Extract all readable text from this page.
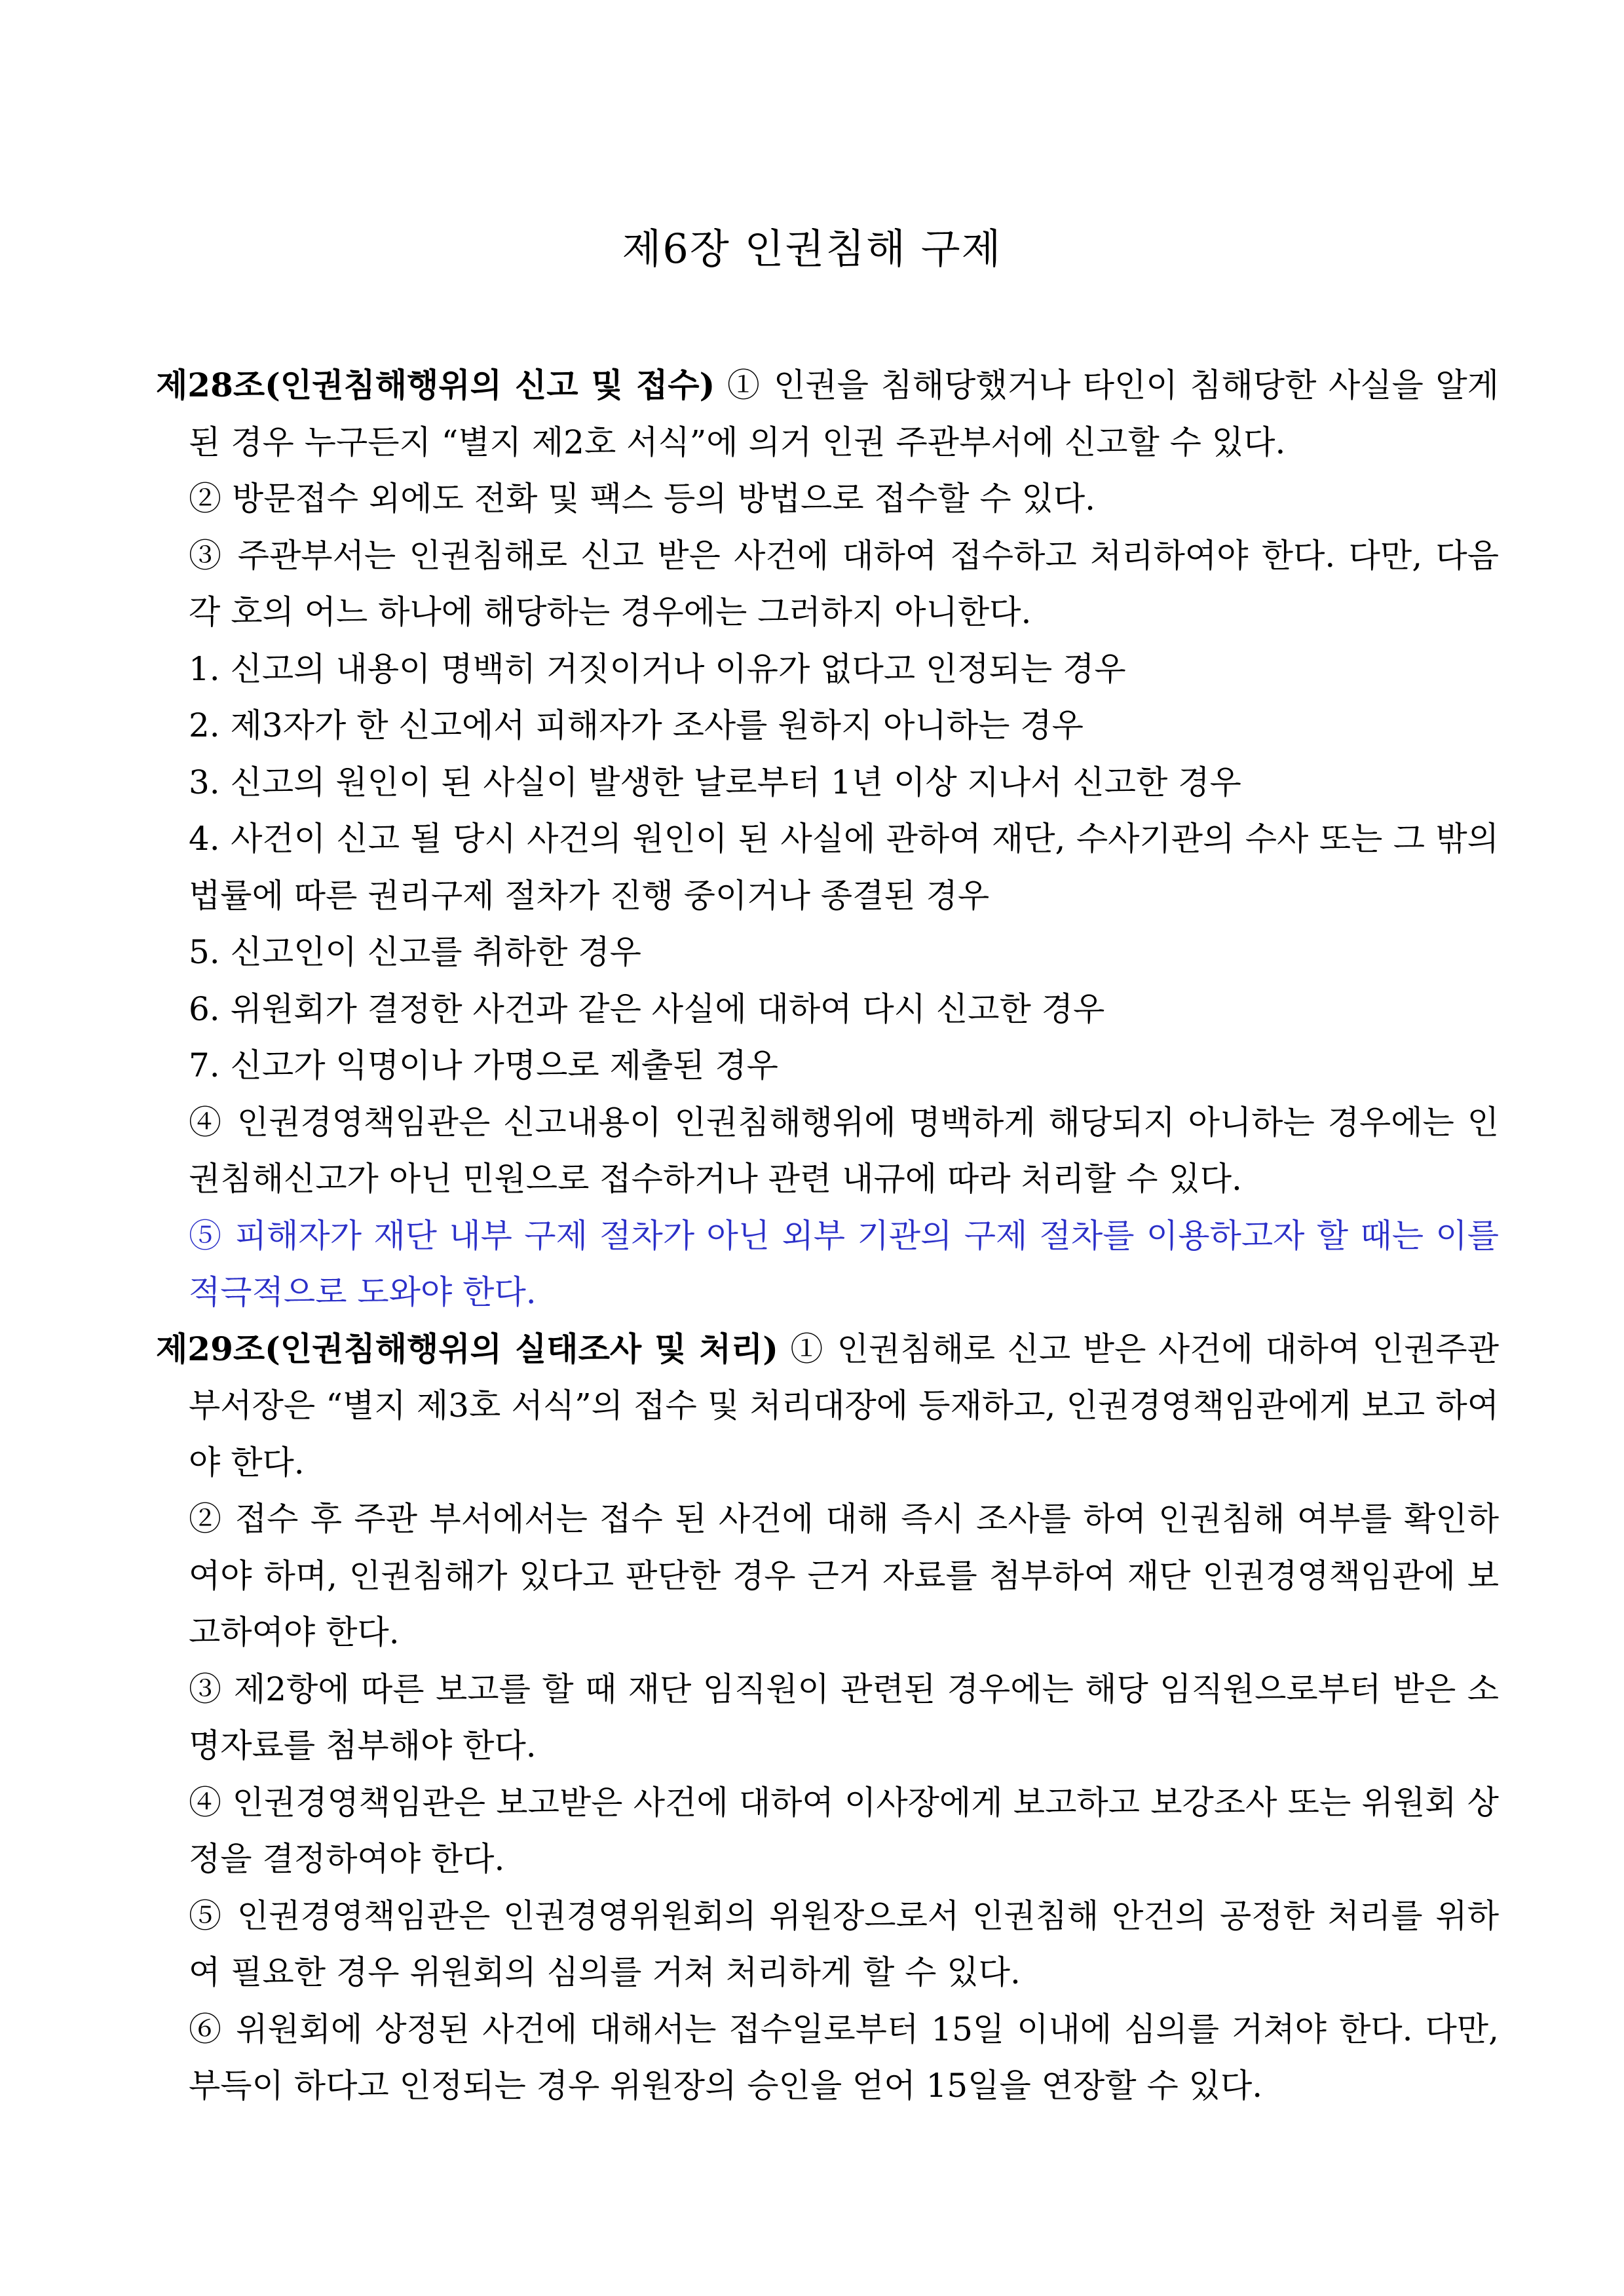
제6장 인권침해 구제

제28조(인권침해행위의 신고 및 접수) ① 인권을 침해당했거나 타인이 침해당한 사실을 알게 된 경우 누구든지 “별지 제2호 서식”에 의거 인권 주관부서에 신고할 수 있다.

② 방문접수 외에도 전화 및 팩스 등의 방법으로 접수할 수 있다.

③ 주관부서는 인권침해로 신고 받은 사건에 대하여 접수하고 처리하여야 한다. 다만, 다음 각 호의 어느 하나에 해당하는 경우에는 그러하지 아니한다.

1. 신고의 내용이 명백히 거짓이거나 이유가 없다고 인정되는 경우

2. 제3자가 한 신고에서 피해자가 조사를 원하지 아니하는 경우

3. 신고의 원인이 된 사실이 발생한 날로부터 1년 이상 지나서 신고한 경우

4. 사건이 신고 될 당시 사건의 원인이 된 사실에 관하여 재단, 수사기관의 수사 또는 그 밖의 법률에 따른 권리구제 절차가 진행 중이거나 종결된 경우

5. 신고인이 신고를 취하한 경우

6. 위원회가 결정한 사건과 같은 사실에 대하여 다시 신고한 경우

7. 신고가 익명이나 가명으로 제출된 경우

④ 인권경영책임관은 신고내용이 인권침해행위에 명백하게 해당되지 아니하는 경우에는 인권침해신고가 아닌 민원으로 접수하거나 관련 내규에 따라 처리할 수 있다.

⑤ 피해자가 재단 내부 구제 절차가 아닌 외부 기관의 구제 절차를 이용하고자 할 때는 이를 적극적으로 도와야 한다.

제29조(인권침해행위의 실태조사 및 처리) ① 인권침해로 신고 받은 사건에 대하여 인권주관부서장은 “별지 제3호 서식”의 접수 및 처리대장에 등재하고, 인권경영책임관에게 보고 하여야 한다.

② 접수 후 주관 부서에서는 접수 된 사건에 대해 즉시 조사를 하여 인권침해 여부를 확인하여야 하며, 인권침해가 있다고 판단한 경우 근거 자료를 첨부하여 재단 인권경영책임관에 보고하여야 한다.

③ 제2항에 따른 보고를 할 때 재단 임직원이 관련된 경우에는 해당 임직원으로부터 받은 소명자료를 첨부해야 한다.

④ 인권경영책임관은 보고받은 사건에 대하여 이사장에게 보고하고 보강조사 또는 위원회 상정을 결정하여야 한다.

⑤ 인권경영책임관은 인권경영위원회의 위원장으로서 인권침해 안건의 공정한 처리를 위하여 필요한 경우 위원회의 심의를 거쳐 처리하게 할 수 있다.

⑥ 위원회에 상정된 사건에 대해서는 접수일로부터 15일 이내에 심의를 거쳐야 한다. 다만, 부득이 하다고 인정되는 경우 위원장의 승인을 얻어 15일을 연장할 수 있다.
